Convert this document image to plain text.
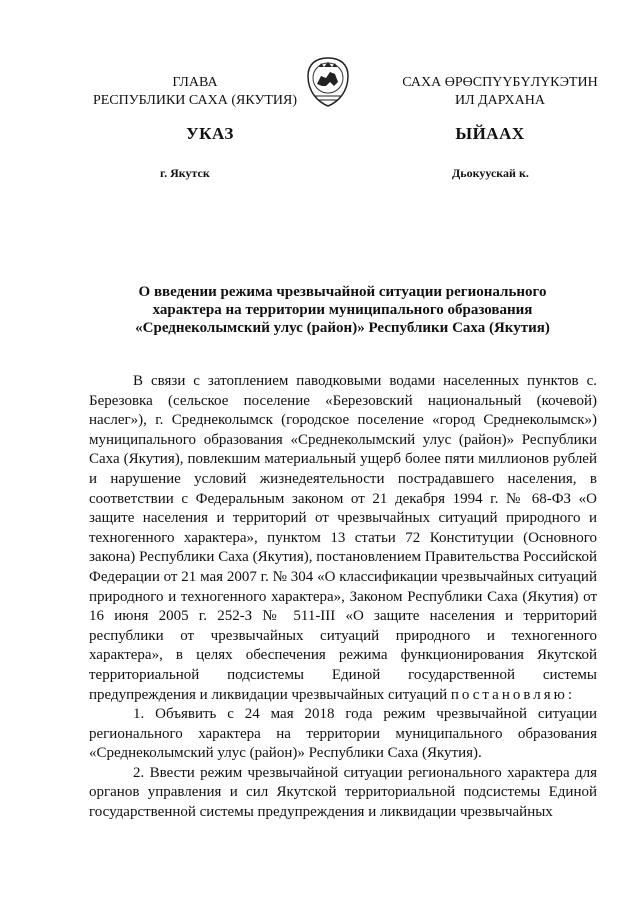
ГЛАВА
РЕСПУБЛИКИ САХА (ЯКУТИЯ)
САХА ӨРӨСПҮҮБҮЛҮКЭТИН
ИЛ ДАРХАНА
УКАЗ	ЫЙААХ
г. Якутск	Дьокуускай к.
О введении режима чрезвычайной ситуации регионального
характера на территории муниципального образования
«Среднеколымский улус (район)» Республики Саха (Якутия)

В связи с затоплением паводковыми водами населенных пунктов с. Березовка (сельское поселение «Березовский национальный (кочевой) наслег»), г. Среднеколымск (городское поселение «город Среднеколымск») муниципального образования «Среднеколымский улус (район)» Республики Саха (Якутия), повлекшим материальный ущерб более пяти миллионов рублей и нарушение условий жизнедеятельности пострадавшего населения, в соответствии с Федеральным законом от 21 декабря 1994 г. № 68-ФЗ «О защите населения и территорий от чрезвычайных ситуаций природного и техногенного характера», пунктом 13 статьи 72 Конституции (Основного закона) Республики Саха (Якутия), постановлением Правительства Российской Федерации от 21 мая 2007 г. № 304 «О классификации чрезвычайных ситуаций природного и техногенного характера», Законом Республики Саха (Якутия) от 16 июня 2005 г. 252-З № 511-III «О защите населения и территорий республики от чрезвычайных ситуаций природного и техногенного характера», в целях обеспечения режима функционирования Якутской территориальной подсистемы Единой государственной системы предупреждения и ликвидации чрезвычайных ситуаций постановляю:

1. Объявить с 24 мая 2018 года режим чрезвычайной ситуации регионального характера на территории муниципального образования «Среднеколымский улус (район)» Республики Саха (Якутия).

2. Ввести режим чрезвычайной ситуации регионального характера для органов управления и сил Якутской территориальной подсистемы Единой государственной системы предупреждения и ликвидации чрезвычайных
